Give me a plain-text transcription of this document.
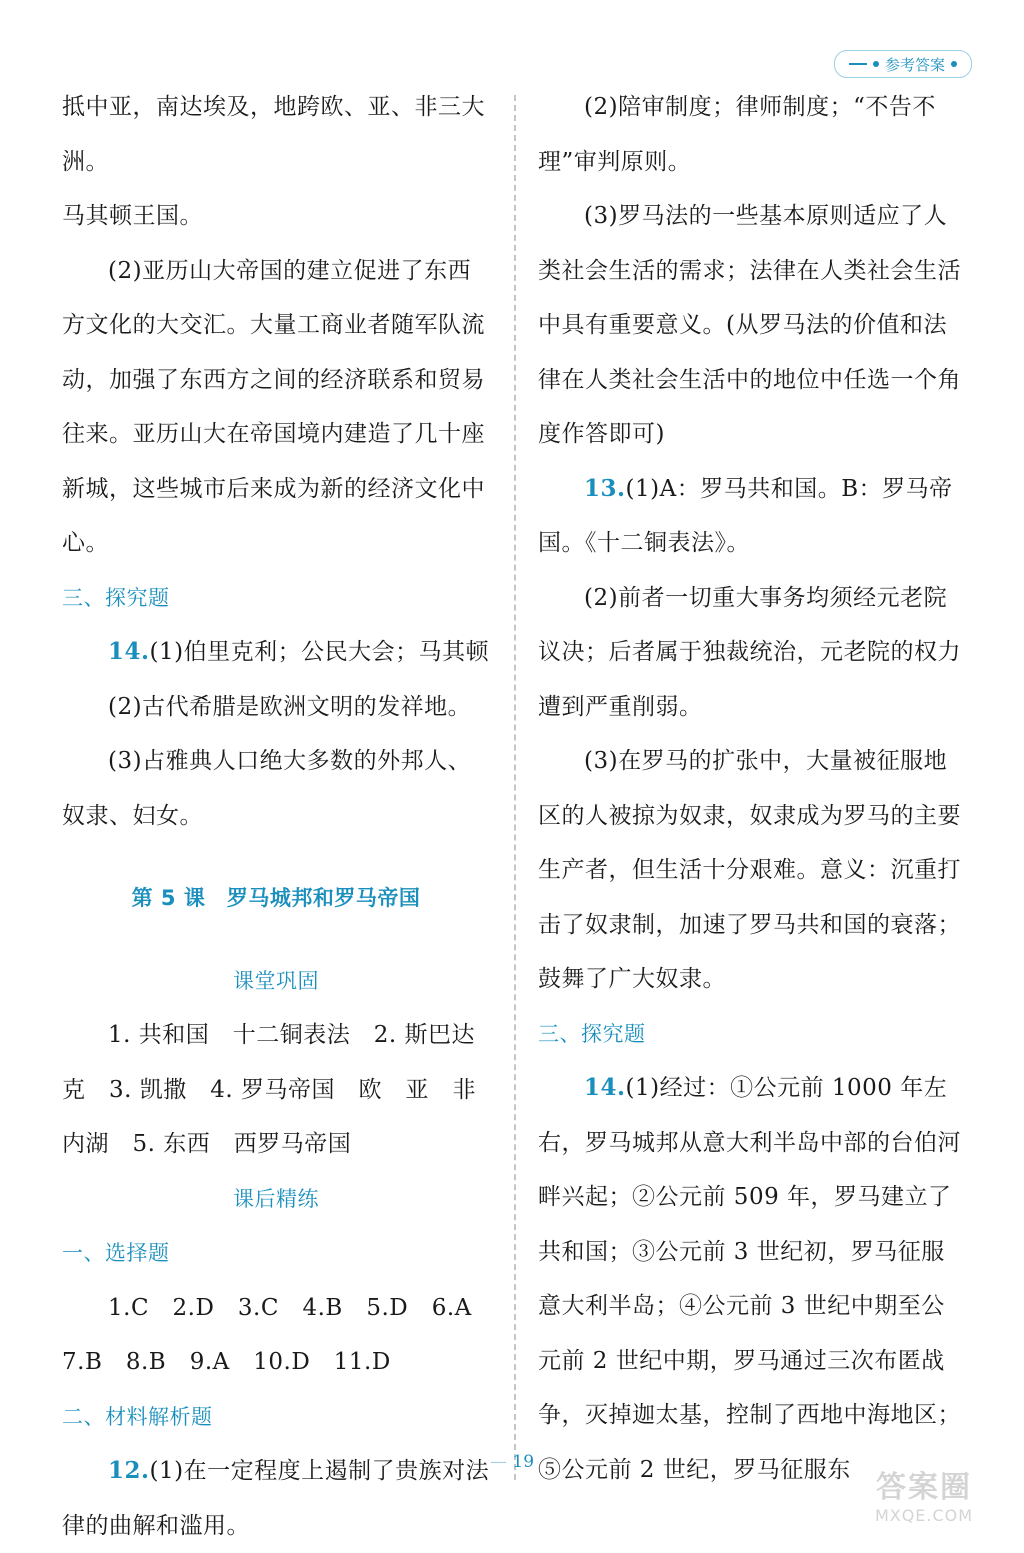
参考答案

抵中亚，南达埃及，地跨欧、亚、非三大洲。

马其顿王国。

(2)亚历山大帝国的建立促进了东西方文化的大交汇。大量工商业者随军队流动，加强了东西方之间的经济联系和贸易往来。亚历山大在帝国境内建造了几十座新城，这些城市后来成为新的经济文化中心。

三、探究题

14.(1)伯里克利；公民大会；马其顿

(2)古代希腊是欧洲文明的发祥地。

(3)占雅典人口绝大多数的外邦人、奴隶、妇女。

第 5 课　罗马城邦和罗马帝国

课堂巩固

1. 共和国　十二铜表法　2. 斯巴达克　3. 凯撒　4. 罗马帝国　欧　亚　非　内湖　5. 东西　西罗马帝国

课后精练

一、选择题

1.C　2.D　3.C　4.B　5.D　6.A

7.B　8.B　9.A　10.D　11.D

二、材料解析题

12.(1)在一定程度上遏制了贵族对法律的曲解和滥用。

(2)陪审制度；律师制度；“不告不理”审判原则。

(3)罗马法的一些基本原则适应了人类社会生活的需求；法律在人类社会生活中具有重要意义。(从罗马法的价值和法律在人类社会生活中的地位中任选一个角度作答即可)

13.(1)A：罗马共和国。B：罗马帝国。《十二铜表法》。

(2)前者一切重大事务均须经元老院议决；后者属于独裁统治，元老院的权力遭到严重削弱。

(3)在罗马的扩张中，大量被征服地区的人被掠为奴隶，奴隶成为罗马的主要生产者，但生活十分艰难。意义：沉重打击了奴隶制，加速了罗马共和国的衰落；鼓舞了广大奴隶。

三、探究题

14.(1)经过：①公元前 1000 年左右，罗马城邦从意大利半岛中部的台伯河畔兴起；②公元前 509 年，罗马建立了共和国；③公元前 3 世纪初，罗马征服意大利半岛；④公元前 3 世纪中期至公元前 2 世纪中期，罗马通过三次布匿战争，灭掉迦太基，控制了西地中海地区；⑤公元前 2 世纪，罗马征服东

— 19
答案圈
MXQE.COM
